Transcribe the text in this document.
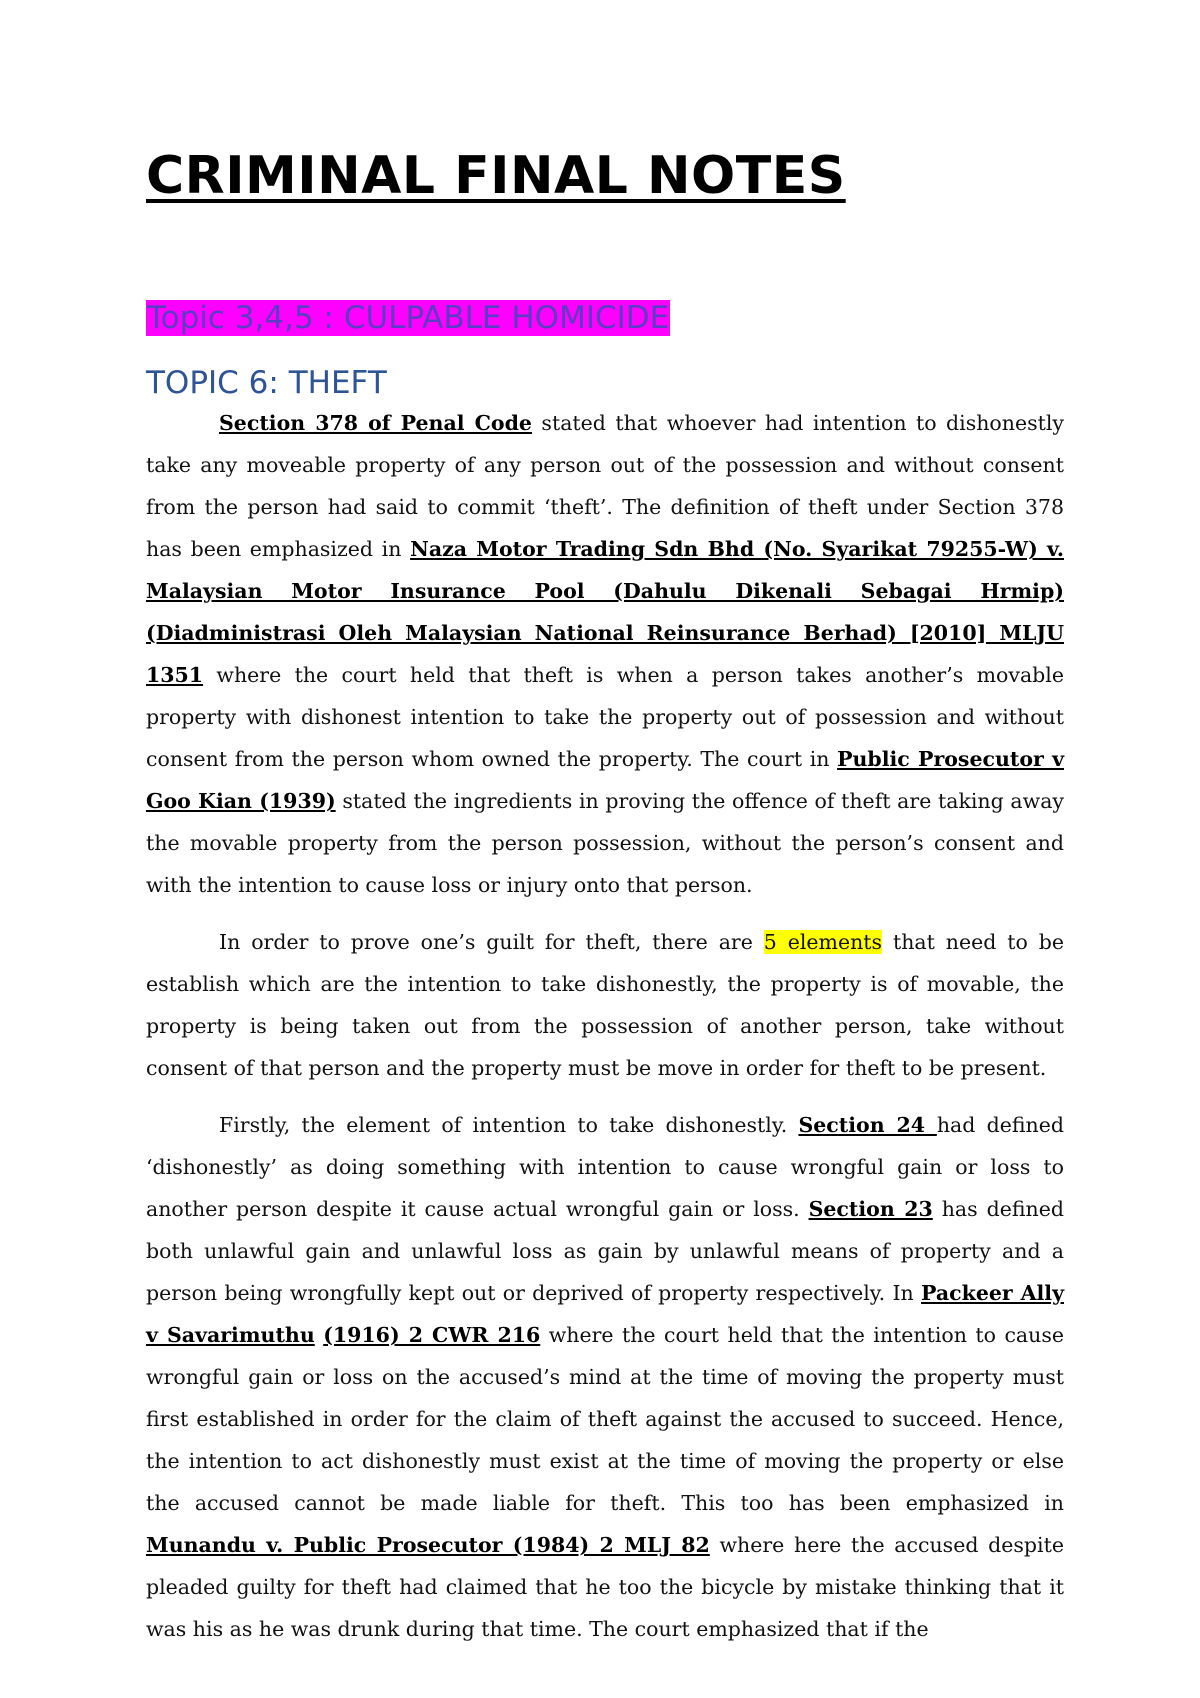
CRIMINAL FINAL NOTES
Topic 3,4,5 : CULPABLE HOMICIDE
TOPIC 6: THEFT

Section 378 of Penal Code stated that whoever had intention to dishonestly take any moveable property of any person out of the possession and without consent from the person had said to commit ‘theft’. The definition of theft under Section 378 has been emphasized in Naza Motor Trading Sdn Bhd (No. Syarikat 79255-W) v. Malaysian Motor Insurance Pool (Dahulu Dikenali Sebagai Hrmip) (Diadministrasi Oleh Malaysian National Reinsurance Berhad) [2010] MLJU 1351 where the court held that theft is when a person takes another’s movable property with dishonest intention to take the property out of possession and without consent from the person whom owned the property. The court in Public Prosecutor v Goo Kian (1939) stated the ingredients in proving the offence of theft are taking away the movable property from the person possession, without the person’s consent and with the intention to cause loss or injury onto that person.

In order to prove one’s guilt for theft, there are 5 elements that need to be establish which are the intention to take dishonestly, the property is of movable, the property is being taken out from the possession of another person, take without consent of that person and the property must be move in order for theft to be present.

Firstly, the element of intention to take dishonestly. Section 24 had defined ‘dishonestly’ as doing something with intention to cause wrongful gain or loss to another person despite it cause actual wrongful gain or loss. Section 23 has defined both unlawful gain and unlawful loss as gain by unlawful means of property and a person being wrongfully kept out or deprived of property respectively. In Packeer Ally v Savarimuthu (1916) 2 CWR 216 where the court held that the intention to cause wrongful gain or loss on the accused’s mind at the time of moving the property must first established in order for the claim of theft against the accused to succeed. Hence, the intention to act dishonestly must exist at the time of moving the property or else the accused cannot be made liable for theft. This too has been emphasized in Munandu v. Public Prosecutor (1984) 2 MLJ 82 where here the accused despite pleaded guilty for theft had claimed that he too the bicycle by mistake thinking that it was his as he was drunk during that time. The court emphasized that if the
